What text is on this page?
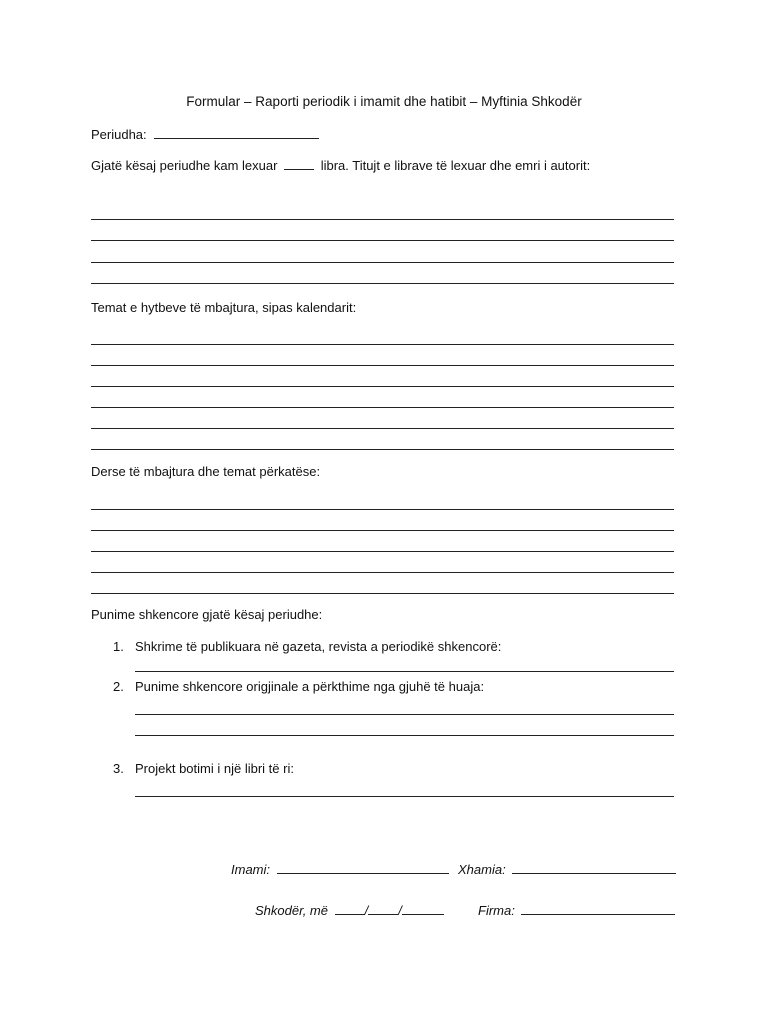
Formular – Raporti periodik i imamit dhe hatibit – Myftinia Shkodër
Periudha:
Gjatë kësaj periudhe kam lexuar	libra. Titujt e librave të lexuar dhe emri i autorit:
Temat e hytbeve të mbajtura, sipas kalendarit:
Derse të mbajtura dhe temat përkatëse:
Punime shkencore gjatë kësaj periudhe:
1. Shkrime të publikuara në gazeta, revista a periodikë shkencorë:
2. Punime shkencore origjinale a përkthime nga gjuhë të huaja:
3. Projekt botimi i një libri të ri:
Imami:	Xhamia:
Shkodër, më	/ /	Firma:
